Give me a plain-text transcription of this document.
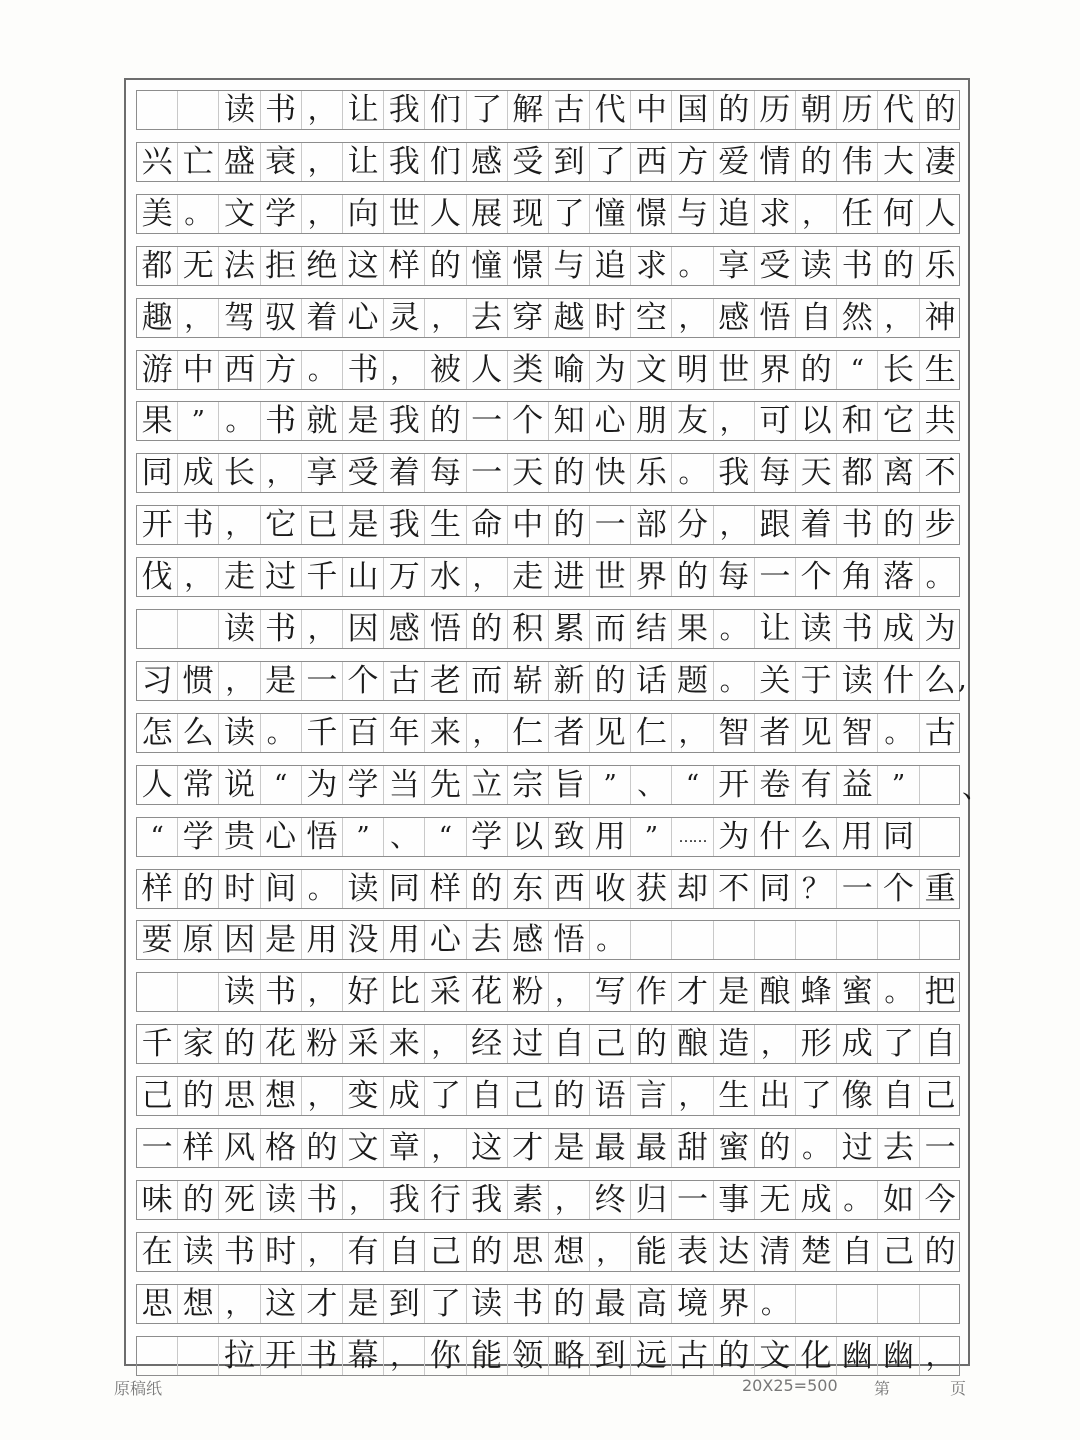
读 书 ， 让 我 们 了 解 古 代 中 国 的 历 朝 历 代 的
兴 亡 盛 衰 ， 让 我 们 感 受 到 了 西 方 爱 情 的 伟 大 凄
美 。 文 学 ， 向 世 人 展 现 了 憧 憬 与 追 求 ， 任 何 人
都 无 法 拒 绝 这 样 的 憧 憬 与 追 求 。 享 受 读 书 的 乐
趣 ， 驾 驭 着 心 灵 ， 去 穿 越 时 空 ， 感 悟 自 然 ， 神
游 中 西 方 。 书 ， 被 人 类 喻 为 文 明 世 界 的 “ 长 生
果 ” 。 书 就 是 我 的 一 个 知 心 朋 友 ， 可 以 和 它 共
同 成 长 ， 享 受 着 每 一 天 的 快 乐 。 我 每 天 都 离 不
开 书 ， 它 已 是 我 生 命 中 的 一 部 分 ， 跟 着 书 的 步
伐 ， 走 过 千 山 万 水 ， 走 进 世 界 的 每 一 个 角 落 。
读 书 ， 因 感 悟 的 积 累 而 结 果 。 让 读 书 成 为
习 惯 ， 是 一 个 古 老 而 崭 新 的 话 题 。 关 于 读 什 么
怎 么 读 。 千 百 年 来 ， 仁 者 见 仁 ， 智 者 见 智 。 古
人 常 说 “ 为 学 当 先 立 宗 旨 ” 、 “ 开 卷 有 益 ”
“ 学 贵 心 悟 ” 、 “ 学 以 致 用 ”	…… 为 什 么 用 同
样 的 时 间 。 读 同 样 的 东 西 收 获 却 不 同 ？ 一 个 重
要 原 因 是 用 没 用 心 去 感 悟 。
读 书 ， 好 比 采 花 粉 ， 写 作 才 是 酿 蜂 蜜 。 把
千 家 的 花 粉 采 来 ， 经 过 自 己 的 酿 造 ， 形 成 了 自
己 的 思 想 ， 变 成 了 自 己 的 语 言 ， 生 出 了 像 自 己
一 样 风 格 的 文 章 ， 这 才 是 最 最 甜 蜜 的 。 过 去 一
味 的 死 读 书 ， 我 行 我 素 ， 终 归 一 事 无 成 。 如 今
在 读 书 时 ， 有 自 己 的 思 想 ， 能 表 达 清 楚 自 己 的
思 想 ， 这 才 是 到 了 读 书 的 最 高 境 界 。
拉 开 书 幕 ， 你 能 领 略 到 远 古 的 文 化 幽 幽 ，
,
、
原稿纸	20X25=500 第	页
